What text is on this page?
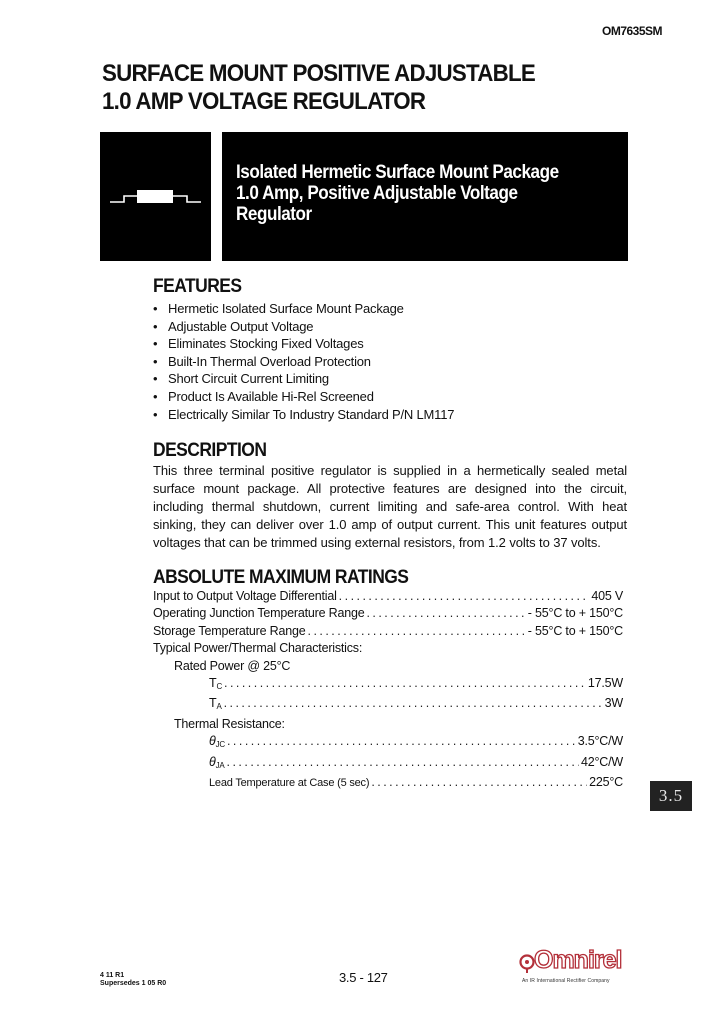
OM7635SM
SURFACE MOUNT POSITIVE ADJUSTABLE
1.0 AMP VOLTAGE REGULATOR
Isolated Hermetic Surface Mount Package
1.0 Amp, Positive Adjustable Voltage
Regulator
FEATURES
• Hermetic Isolated Surface Mount Package
• Adjustable Output Voltage
• Eliminates Stocking Fixed Voltages
• Built-In Thermal Overload Protection
• Short Circuit Current Limiting
• Product Is Available Hi-Rel Screened
• Electrically Similar To Industry Standard P/N LM117
DESCRIPTION
This three terminal positive regulator is supplied in a hermetically sealed metal surface mount package. All protective features are designed into the circuit, including thermal shutdown, current limiting and safe-area control. With heat sinking, they can deliver over 1.0 amp of output current. This unit features output voltages that can be trimmed using external resistors, from 1.2 volts to 37 volts.
ABSOLUTE MAXIMUM RATINGS
Input to Output Voltage Differential . . .	405 V
Operating Junction Temperature Range . . .	- 55°C to + 150°C
Storage Temperature Range . . .	- 55°C to + 150°C
Typical Power/Thermal Characteristics:
Rated Power @ 25°C
$T_C$ . . .	17.5W
$T_A$ . . .	3W
Thermal Resistance:
$\theta_{JC}$ . . .	3.5°C/W
$\theta_{JA}$ . . .	42°C/W
Lead Temperature at Case (5 sec) . . .	225°C
3.5
4 11 R1
Supersedes 1 05 R0	3.5 - 127
Omnirel
An IR International Rectifier Company
